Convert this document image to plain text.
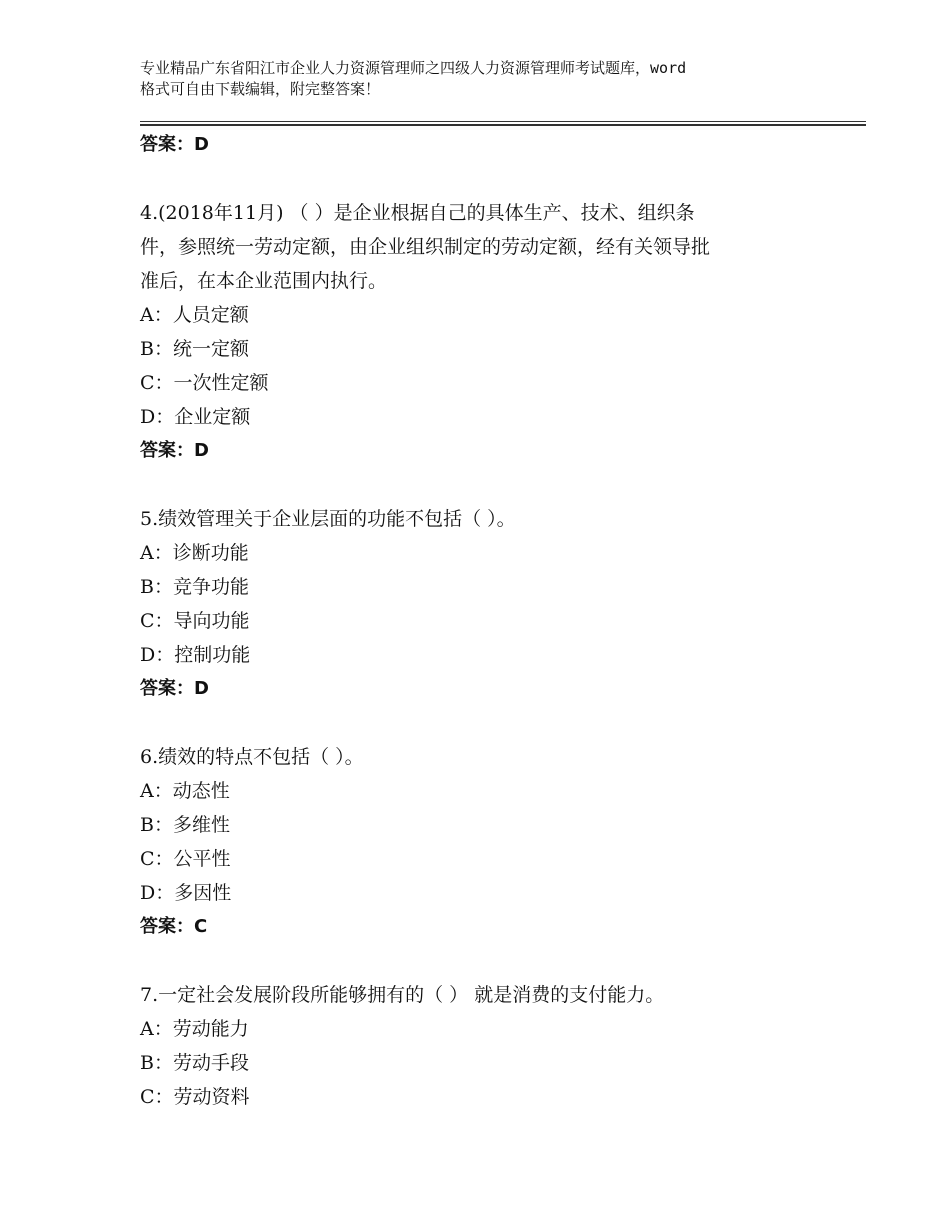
专业精品广东省阳江市企业人力资源管理师之四级人力资源管理师考试题库，word
格式可自由下载编辑，附完整答案！
答案：D
4.(2018年11月) （ ）是企业根据自己的具体生产、技术、组织条
件，参照统一劳动定额，由企业组织制定的劳动定额，经有关领导批
准后，在本企业范围内执行。
A：人员定额
B：统一定额
C：一次性定额
D：企业定额
答案：D
5.绩效管理关于企业层面的功能不包括（ ）。
A：诊断功能
B：竞争功能
C：导向功能
D：控制功能
答案：D
6.绩效的特点不包括（ ）。
A：动态性
B：多维性
C：公平性
D：多因性
答案：C
7.一定社会发展阶段所能够拥有的（ ） 就是消费的支付能力。
A：劳动能力
B：劳动手段
C：劳动资料
